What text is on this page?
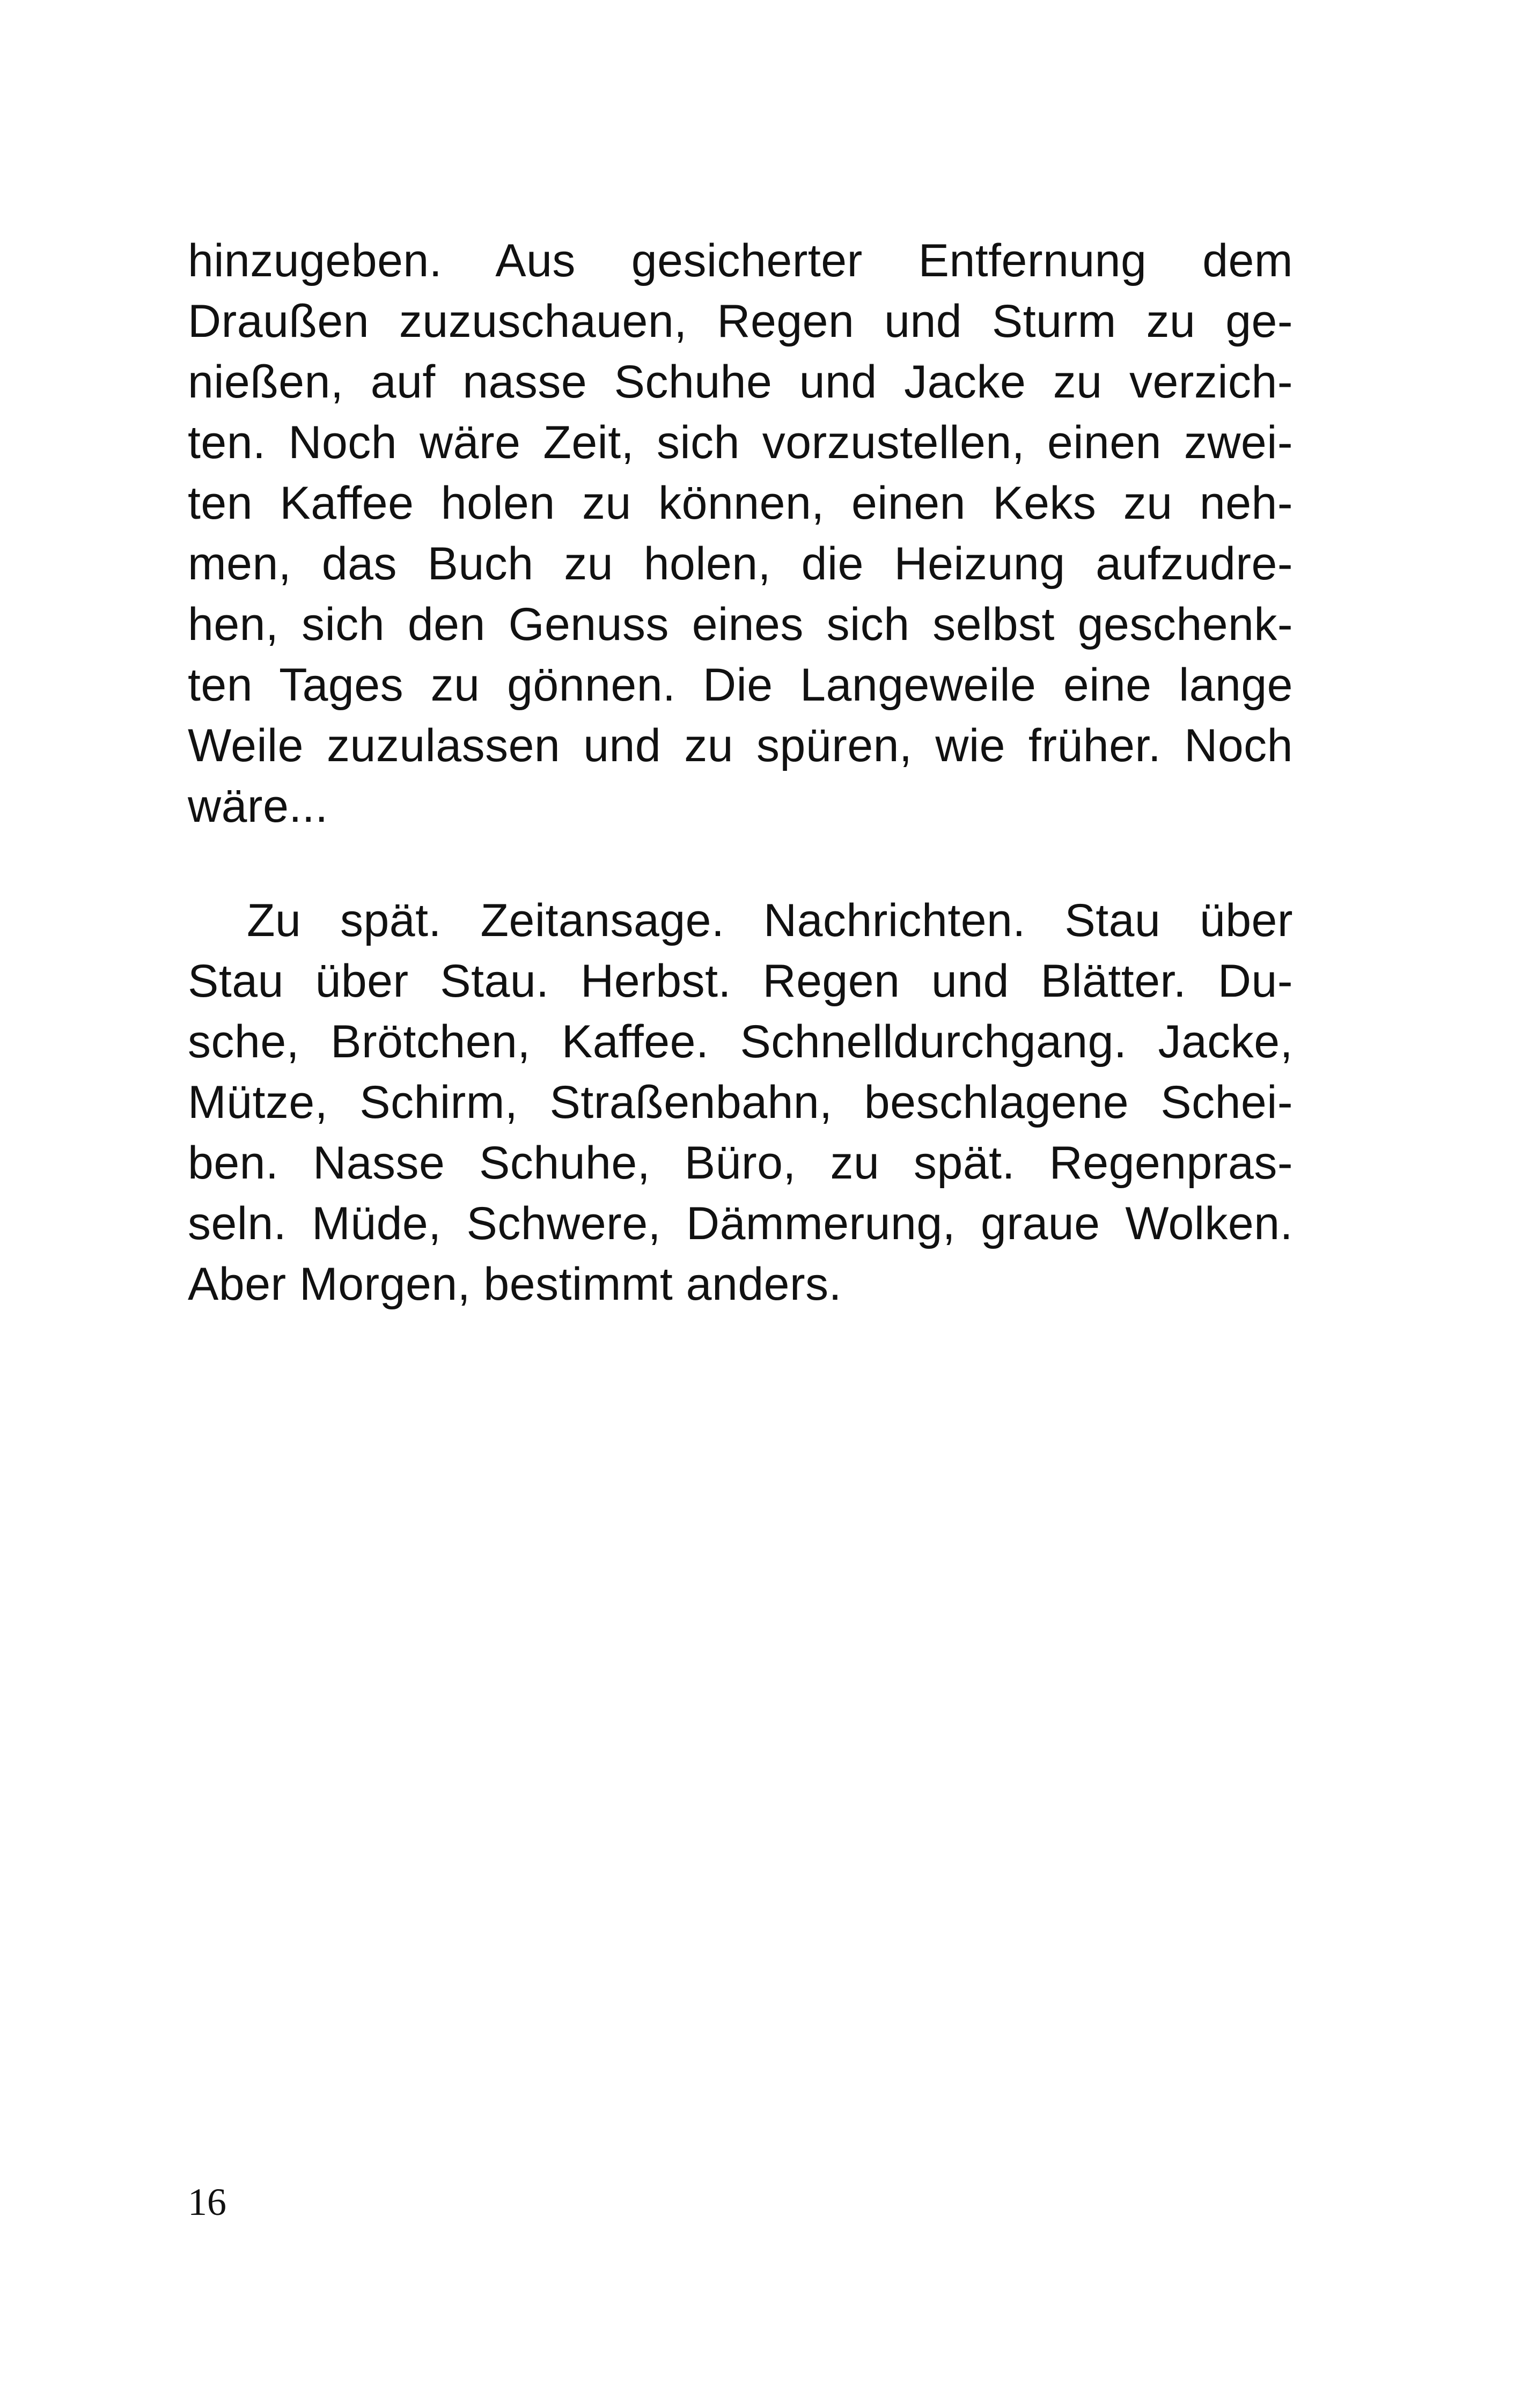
hinzugeben. Aus gesicherter Entfernung dem
Draußen zuzuschauen, Regen und Sturm zu ge-
nießen, auf nasse Schuhe und Jacke zu verzich-
ten. Noch wäre Zeit, sich vorzustellen, einen zwei-
ten Kaffee holen zu können, einen Keks zu neh-
men, das Buch zu holen, die Heizung aufzudre-
hen, sich den Genuss eines sich selbst geschenk-
ten Tages zu gönnen. Die Langeweile eine lange
Weile zuzulassen und zu spüren, wie früher. Noch
wäre...

Zu spät. Zeitansage. Nachrichten. Stau über
Stau über Stau. Herbst. Regen und Blätter. Du-
sche, Brötchen, Kaffee. Schnelldurchgang. Jacke,
Mütze, Schirm, Straßenbahn, beschlagene Schei-
ben. Nasse Schuhe, Büro, zu spät. Regenpras-
seln. Müde, Schwere, Dämmerung, graue Wolken.
Aber Morgen, bestimmt anders.

16
